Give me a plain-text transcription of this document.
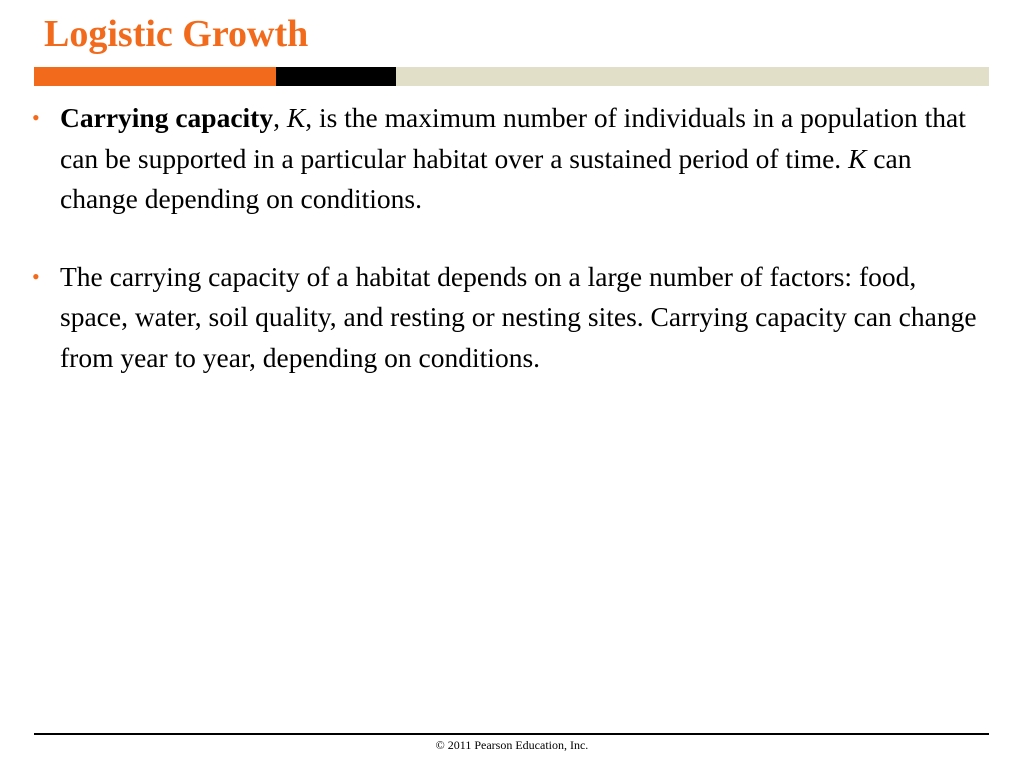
Logistic Growth
• Carrying capacity, K, is the maximum number of individuals in a population that can be supported in a particular habitat over a sustained period of time. K can change depending on conditions.
• The carrying capacity of a habitat depends on a large number of factors: food, space, water, soil quality, and resting or nesting sites. Carrying capacity can change from year to year, depending on conditions.
© 2011 Pearson Education, Inc.
